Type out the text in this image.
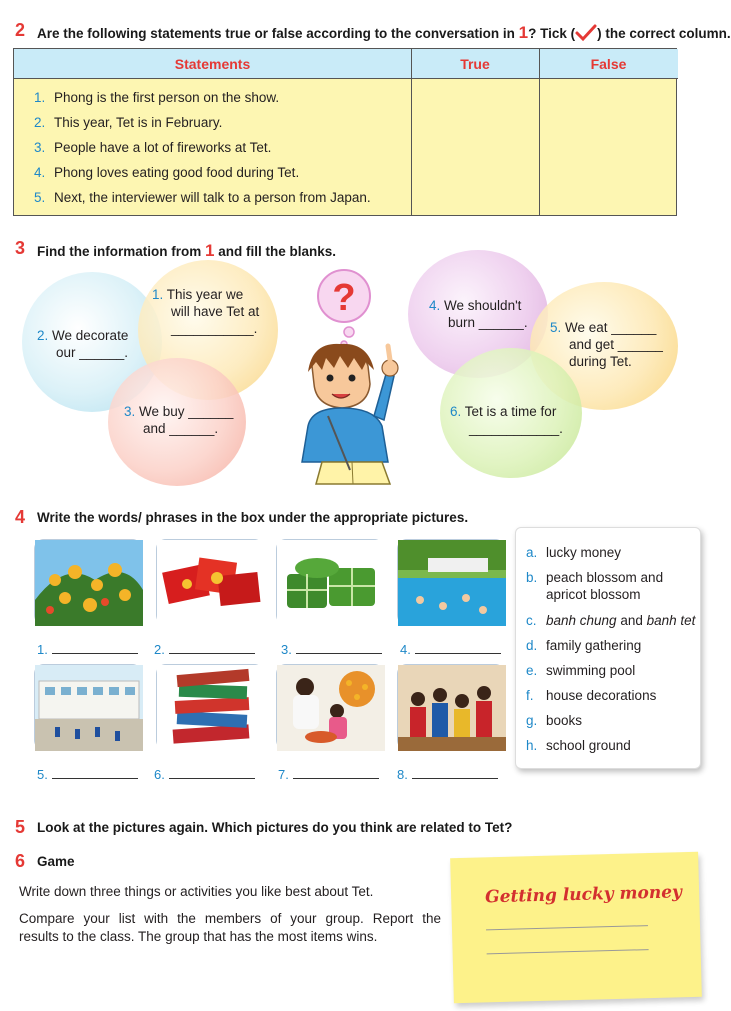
2 Are the following statements true or false according to the conversation in 1? Tick ( ) the correct column.
Statements	True	False
1. Phong is the first person on the show.
2. This year, Tet is in February.
3. People have a lot of fireworks at Tet.
4. Phong loves eating good food during Tet.
5. Next, the interviewer will talk to a person from Japan.
3 Find the information from 1 and fill the blanks.
1. This year we
will have Tet at
___________.
2. We decorate
our ______.
3. We buy ______
and ______.
4. We shouldn't
burn ______. 5. We eat ______
and get ______
during Tet.
6. Tet is a time for
____________.
?
4 Write the words/ phrases in the box under the appropriate pictures.
1.	2.	3.	4.
5.	6.	7.	8.
a. lucky money
b. peach blossom and
apricot blossom
c. banh chung and banh tet
d. family gathering
e. swimming pool
f. house decorations
g. books
h. school ground
5 Look at the pictures again. Which pictures do you think are related to Tet?
6 Game
Write down three things or activities you like best about Tet.
Compare your list with the members of your group. Report the
results to the class. The group that has the most items wins.
Getting lucky money
